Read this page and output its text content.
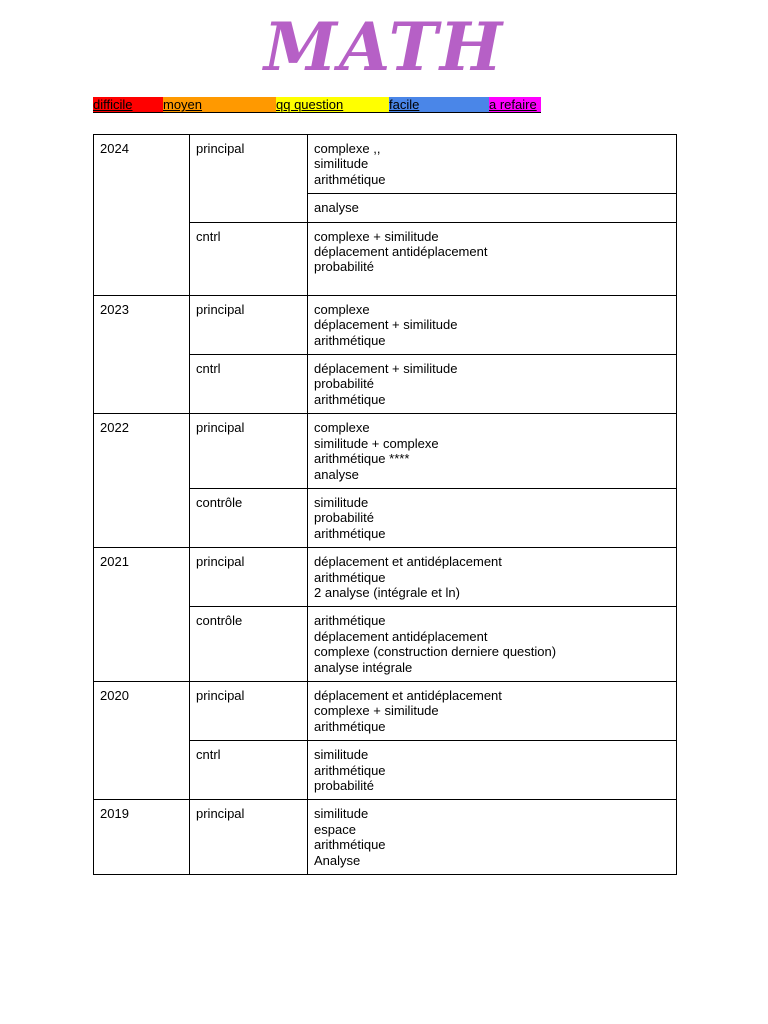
MATH
difficile	moyen	qq question	facile	a refaire
2024	principal	complexe ,,
similitude
arithmétique

		analyse

	cntrl	complexe + similitude
déplacement antidéplacement
probabilité

2023	principal	complexe
déplacement + similitude
arithmétique

	cntrl	déplacement + similitude
probabilité
arithmétique

2022	principal	complexe
similitude + complexe
arithmétique ****
analyse

	contrôle	similitude
probabilité
arithmétique

2021	principal	déplacement et antidéplacement
arithmétique
2 analyse (intégrale et ln)

	contrôle	arithmétique
déplacement antidéplacement
complexe (construction derniere question)
analyse intégrale

2020	principal	déplacement et antidéplacement
complexe + similitude
arithmétique

	cntrl	similitude
arithmétique
probabilité

2019	principal	similitude
espace
arithmétique
Analyse
